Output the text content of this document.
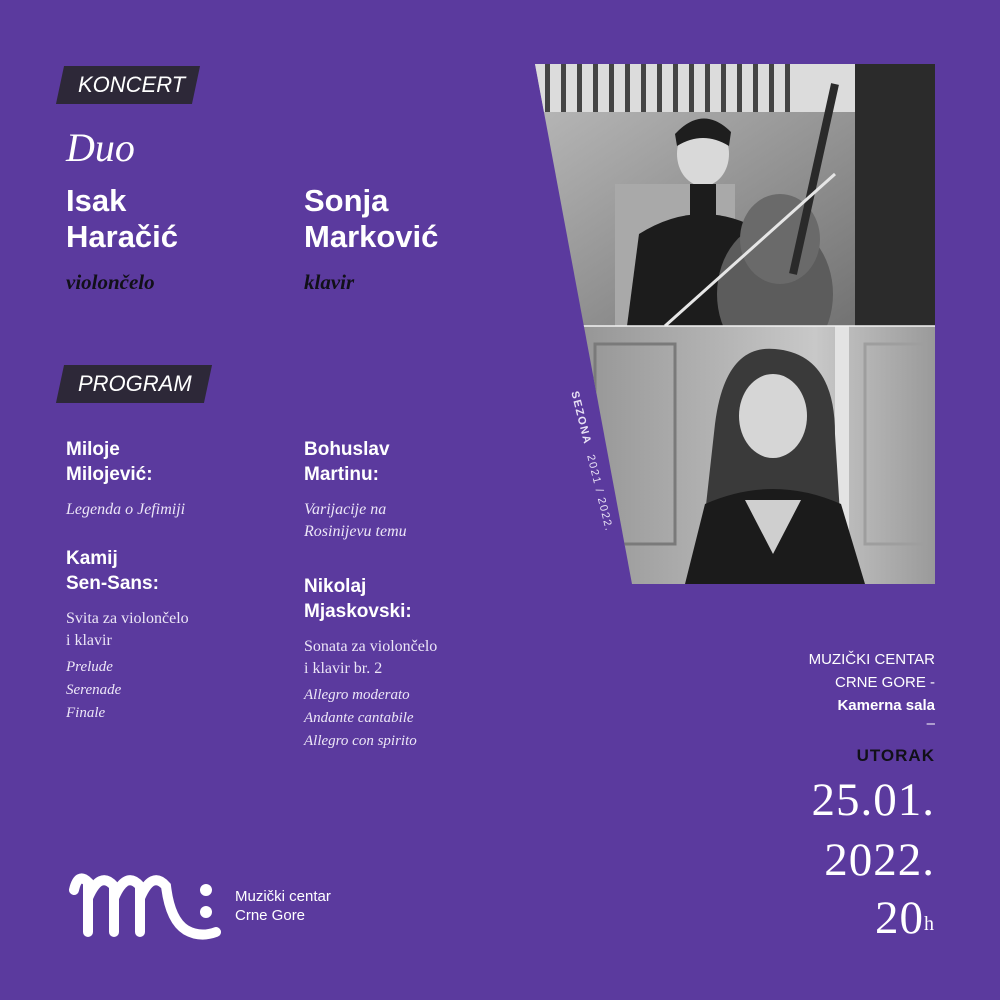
KONCERT
Duo
Isak
Haračić
violončelo
Sonja
Marković
klavir
PROGRAM
Miloje
Milojević:
Legenda o Jefimiji
Kamij
Sen-Sans:
Svita za violončelo
i klavir
Prelude
Serenade
Finale
Bohuslav
Martinu:
Varijacije na
Rosinijevu temu
Nikolaj
Mjaskovski:
Sonata za violončelo
i klavir br. 2
Allegro moderato
Andante cantabile
Allegro con spirito
SEZONA 2021 / 2022.
MUZIČKI CENTAR
CRNE GORE -
Kamerna sala
–
UTORAK
25.01.
2022.
20$^h$
Muzički centar
Crne Gore
